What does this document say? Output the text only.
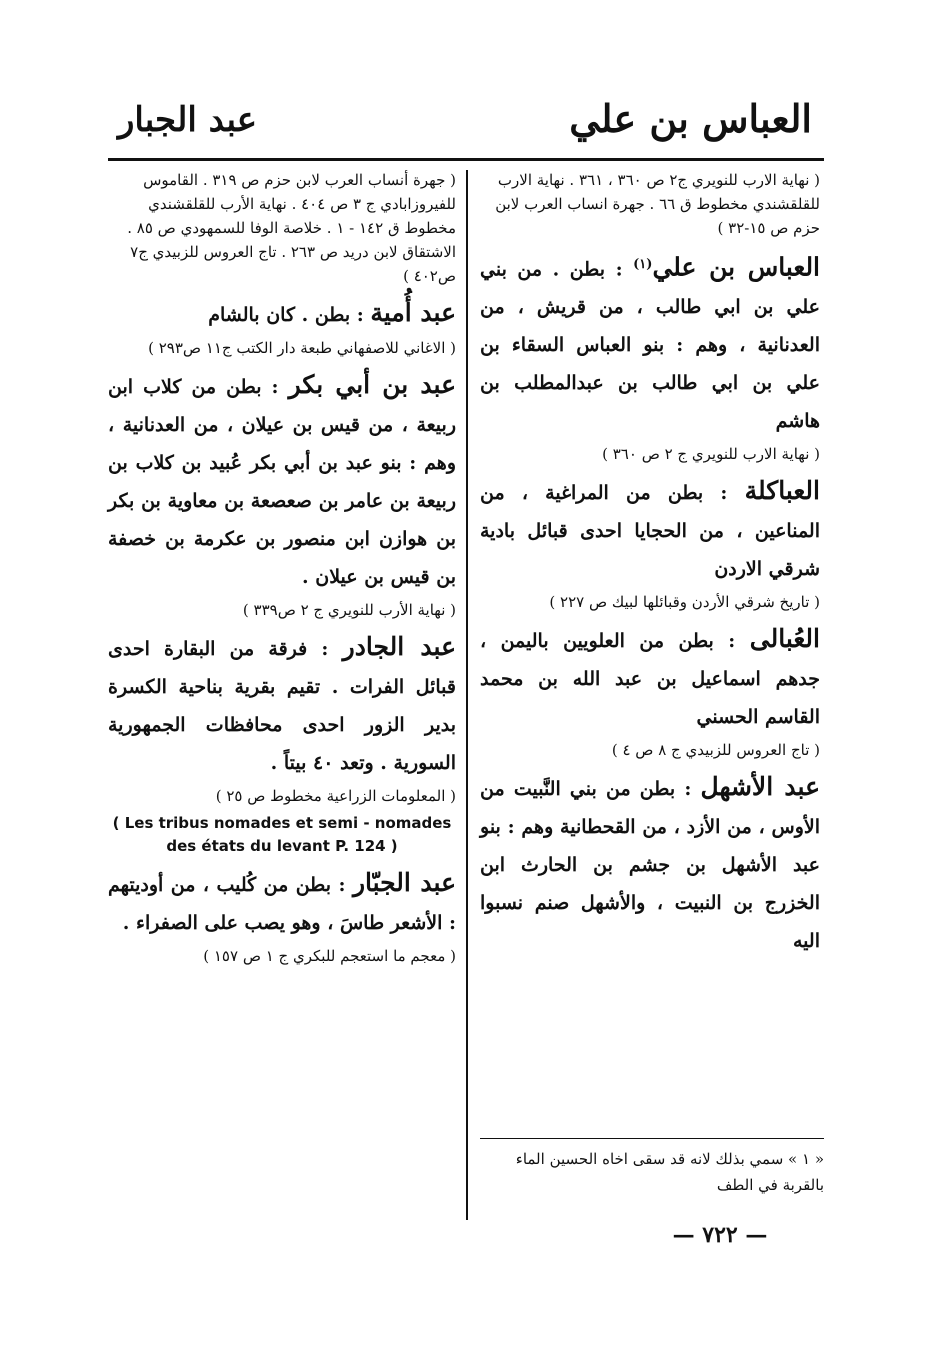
العباس بن علي
عبد الجبار
( نهاية الارب للنويري ج٢ ص ٣٦٠ ، ٣٦١ . نهاية الارب للقلقشندي مخطوط ق ٦٦ . جهرة انساب العرب لابن حزم ص ١٥-٣٢ )
العباس بن علي$^{(١)}$ : بطن . من بني علي بن ابي طالب ، من قريش ، من العدنانية ، وهم : بنو العباس السقاء بن علي بن ابي طالب بن عبدالمطلب بن هاشم
( نهاية الارب للنويري ج ٢ ص ٣٦٠ )
العباكلة : بطن من المراغية ، من المناعين ، من الحجايا احدى قبائل بادية شرقي الاردن
( تاريخ شرقي الأردن وقبائلها لبيك ص ٢٢٧ )
العُبالى : بطن من العلويين باليمن ، جدهم اسماعيل بن عبد الله بن محمد القاسم الحسني
( تاج العروس للزبيدي ج ٨ ص ٤ )
عبد الأشهل : بطن من بني النَّبيت من الأوس ، من الأزد ، من القحطانية وهم : بنو عبد الأشهل بن جشم بن الحارث ابن الخزرج بن النبيت ، والأشهل صنم نسبوا اليه
( جهرة أنساب العرب لابن حزم ص ٣١٩ . القاموس للفيروزابادي ج ٣ ص ٤٠٤ . نهاية الأرب للقلقشندي مخطوط ق ١٤٢ - ١ . خلاصة الوفا للسمهودي ص ٨٥ . الاشتقاق لابن دريد ص ٢٦٣ . تاج العروس للزبيدي ج٧ ص٤٠٢ )
عبد أُمية : بطن . كان بالشام
( الاغاني للاصفهاني طبعة دار الكتب ج١١ ص٢٩٣ )
عبد بن أبي بكر : بطن من كلاب ابن ربيعة ، من قيس بن عيلان ، من العدنانية ، وهم : بنو عبد بن أبي بكر عُبيد بن كلاب بن ربيعة بن عامر بن صعصعة بن معاوية بن بكر بن هوازن ابن منصور بن عكرمة بن خصفة بن قيس بن عيلان .
( نهاية الأرب للنويري ج ٢ ص٣٣٩ )
عبد الجادر : فرقة من البقارة احدى قبائل الفرات . تقيم بقرية بناحية الكسرة بدير الزور احدى محافظات الجمهورية السورية . وتعد ٤٠ بيتاً .
( المعلومات الزراعية مخطوط ص ٢٥ )
( Les tribus nomades et semi - nomades des états du levant P. 124 )
عبد الجبّار : بطن من كُليب ، من أوديتهم : الأشعر طاسَ ، وهو يصب على الصفراء .
( معجم ما استعجم للبكري ج ١ ص ١٥٧ )
« ١ » سمي بذلك لانه قد سقى اخاه الحسين الماء بالقربة في الطف
— ٧٢٢ —
